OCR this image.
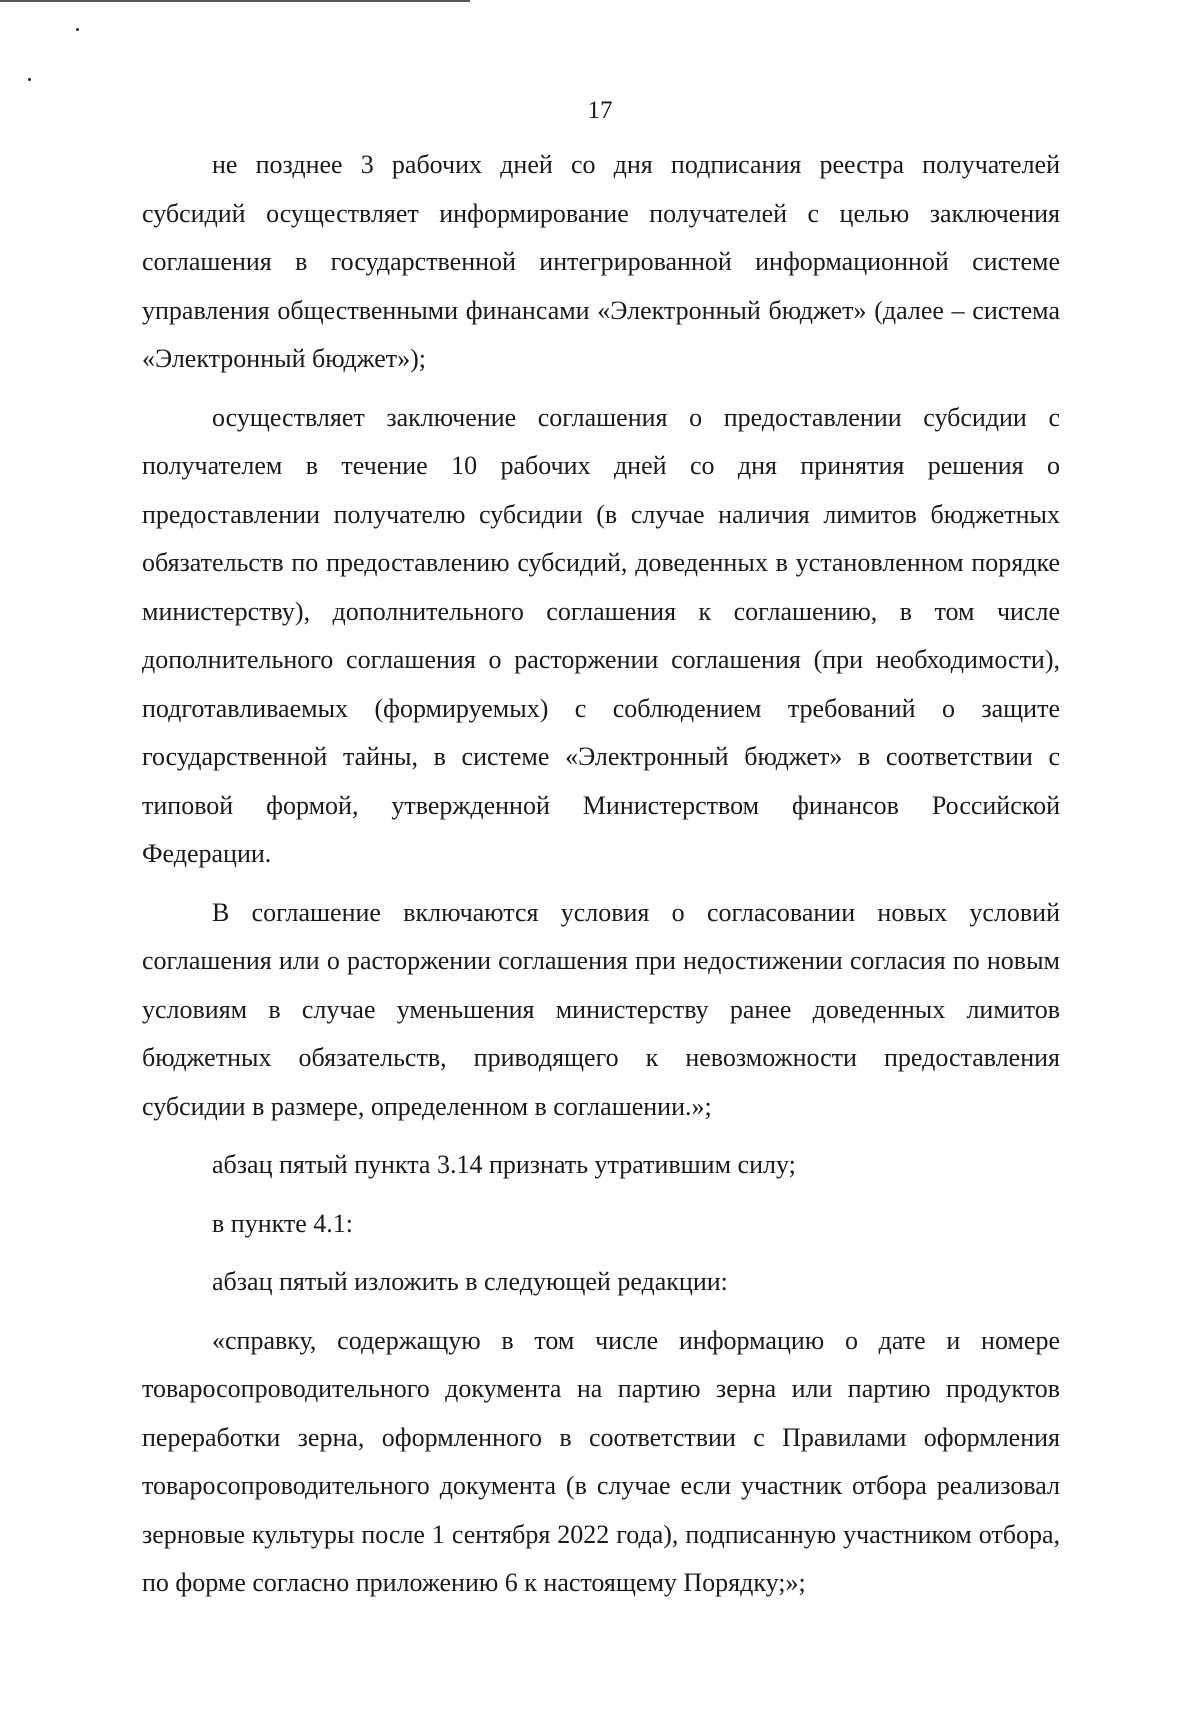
17

не позднее 3 рабочих дней со дня подписания реестра получателей субсидий осуществляет информирование получателей с целью заключения соглашения в государственной интегрированной информационной системе управления общественными финансами «Электронный бюджет» (далее – система «Электронный бюджет»);

осуществляет заключение соглашения о предоставлении субсидии с получателем в течение 10 рабочих дней со дня принятия решения о предоставлении получателю субсидии (в случае наличия лимитов бюджетных обязательств по предоставлению субсидий, доведенных в установленном порядке министерству), дополнительного соглашения к соглашению, в том числе дополнительного соглашения о расторжении соглашения (при необходимости), подготавливаемых (формируемых) с соблюдением требований о защите государственной тайны, в системе «Электронный бюджет» в соответствии с типовой формой, утвержденной Министерством финансов Российской Федерации.

В соглашение включаются условия о согласовании новых условий соглашения или о расторжении соглашения при недостижении согласия по новым условиям в случае уменьшения министерству ранее доведенных лимитов бюджетных обязательств, приводящего к невозможности предоставления субсидии в размере, определенном в соглашении.»;

абзац пятый пункта 3.14 признать утратившим силу;

в пункте 4.1:

абзац пятый изложить в следующей редакции:

«справку, содержащую в том числе информацию о дате и номере товаросопроводительного документа на партию зерна или партию продуктов переработки зерна, оформленного в соответствии с Правилами оформления товаросопроводительного документа (в случае если участник отбора реализовал зерновые культуры после 1 сентября 2022 года), подписанную участником отбора, по форме согласно приложению 6 к настоящему Порядку;»;
